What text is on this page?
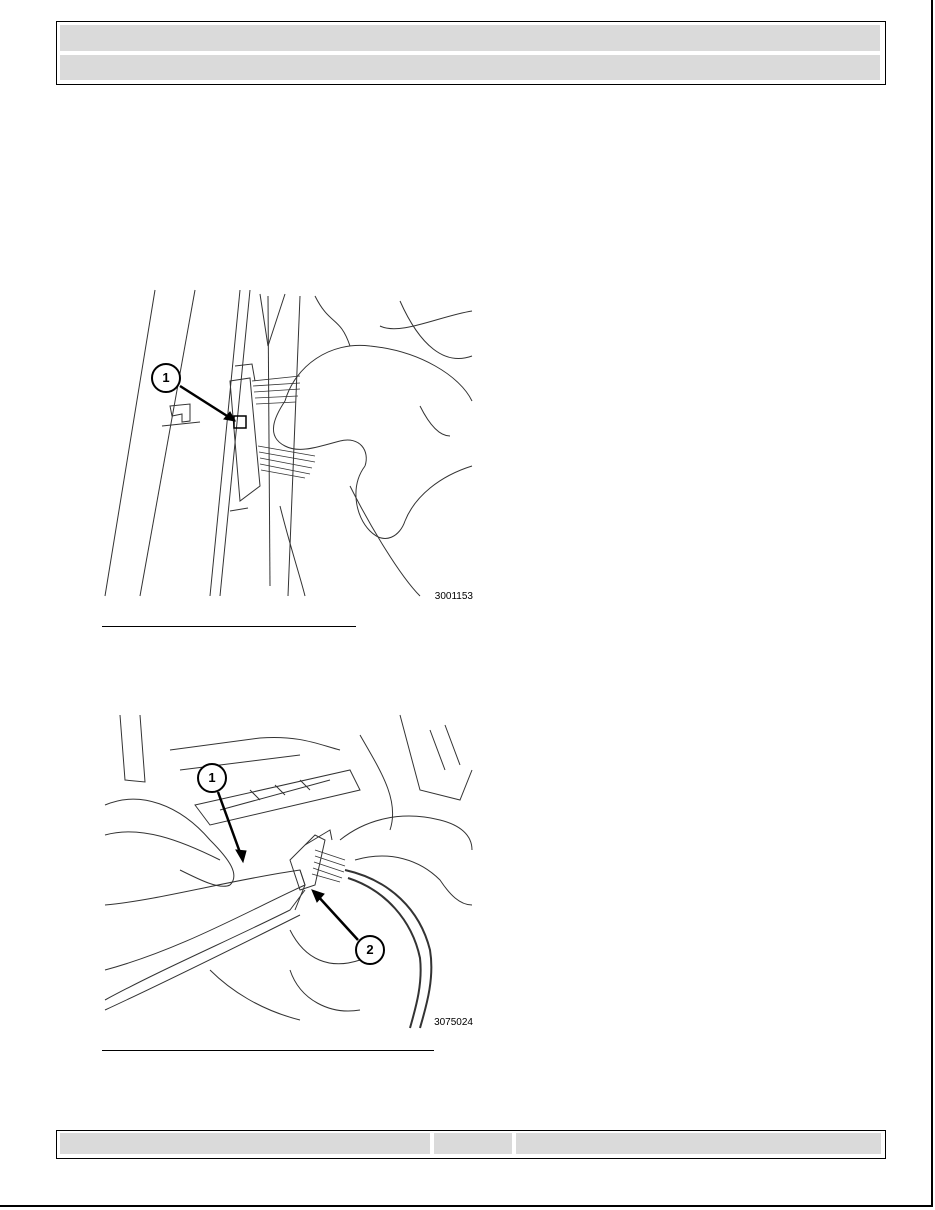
1
3001153
1
2
3075024
